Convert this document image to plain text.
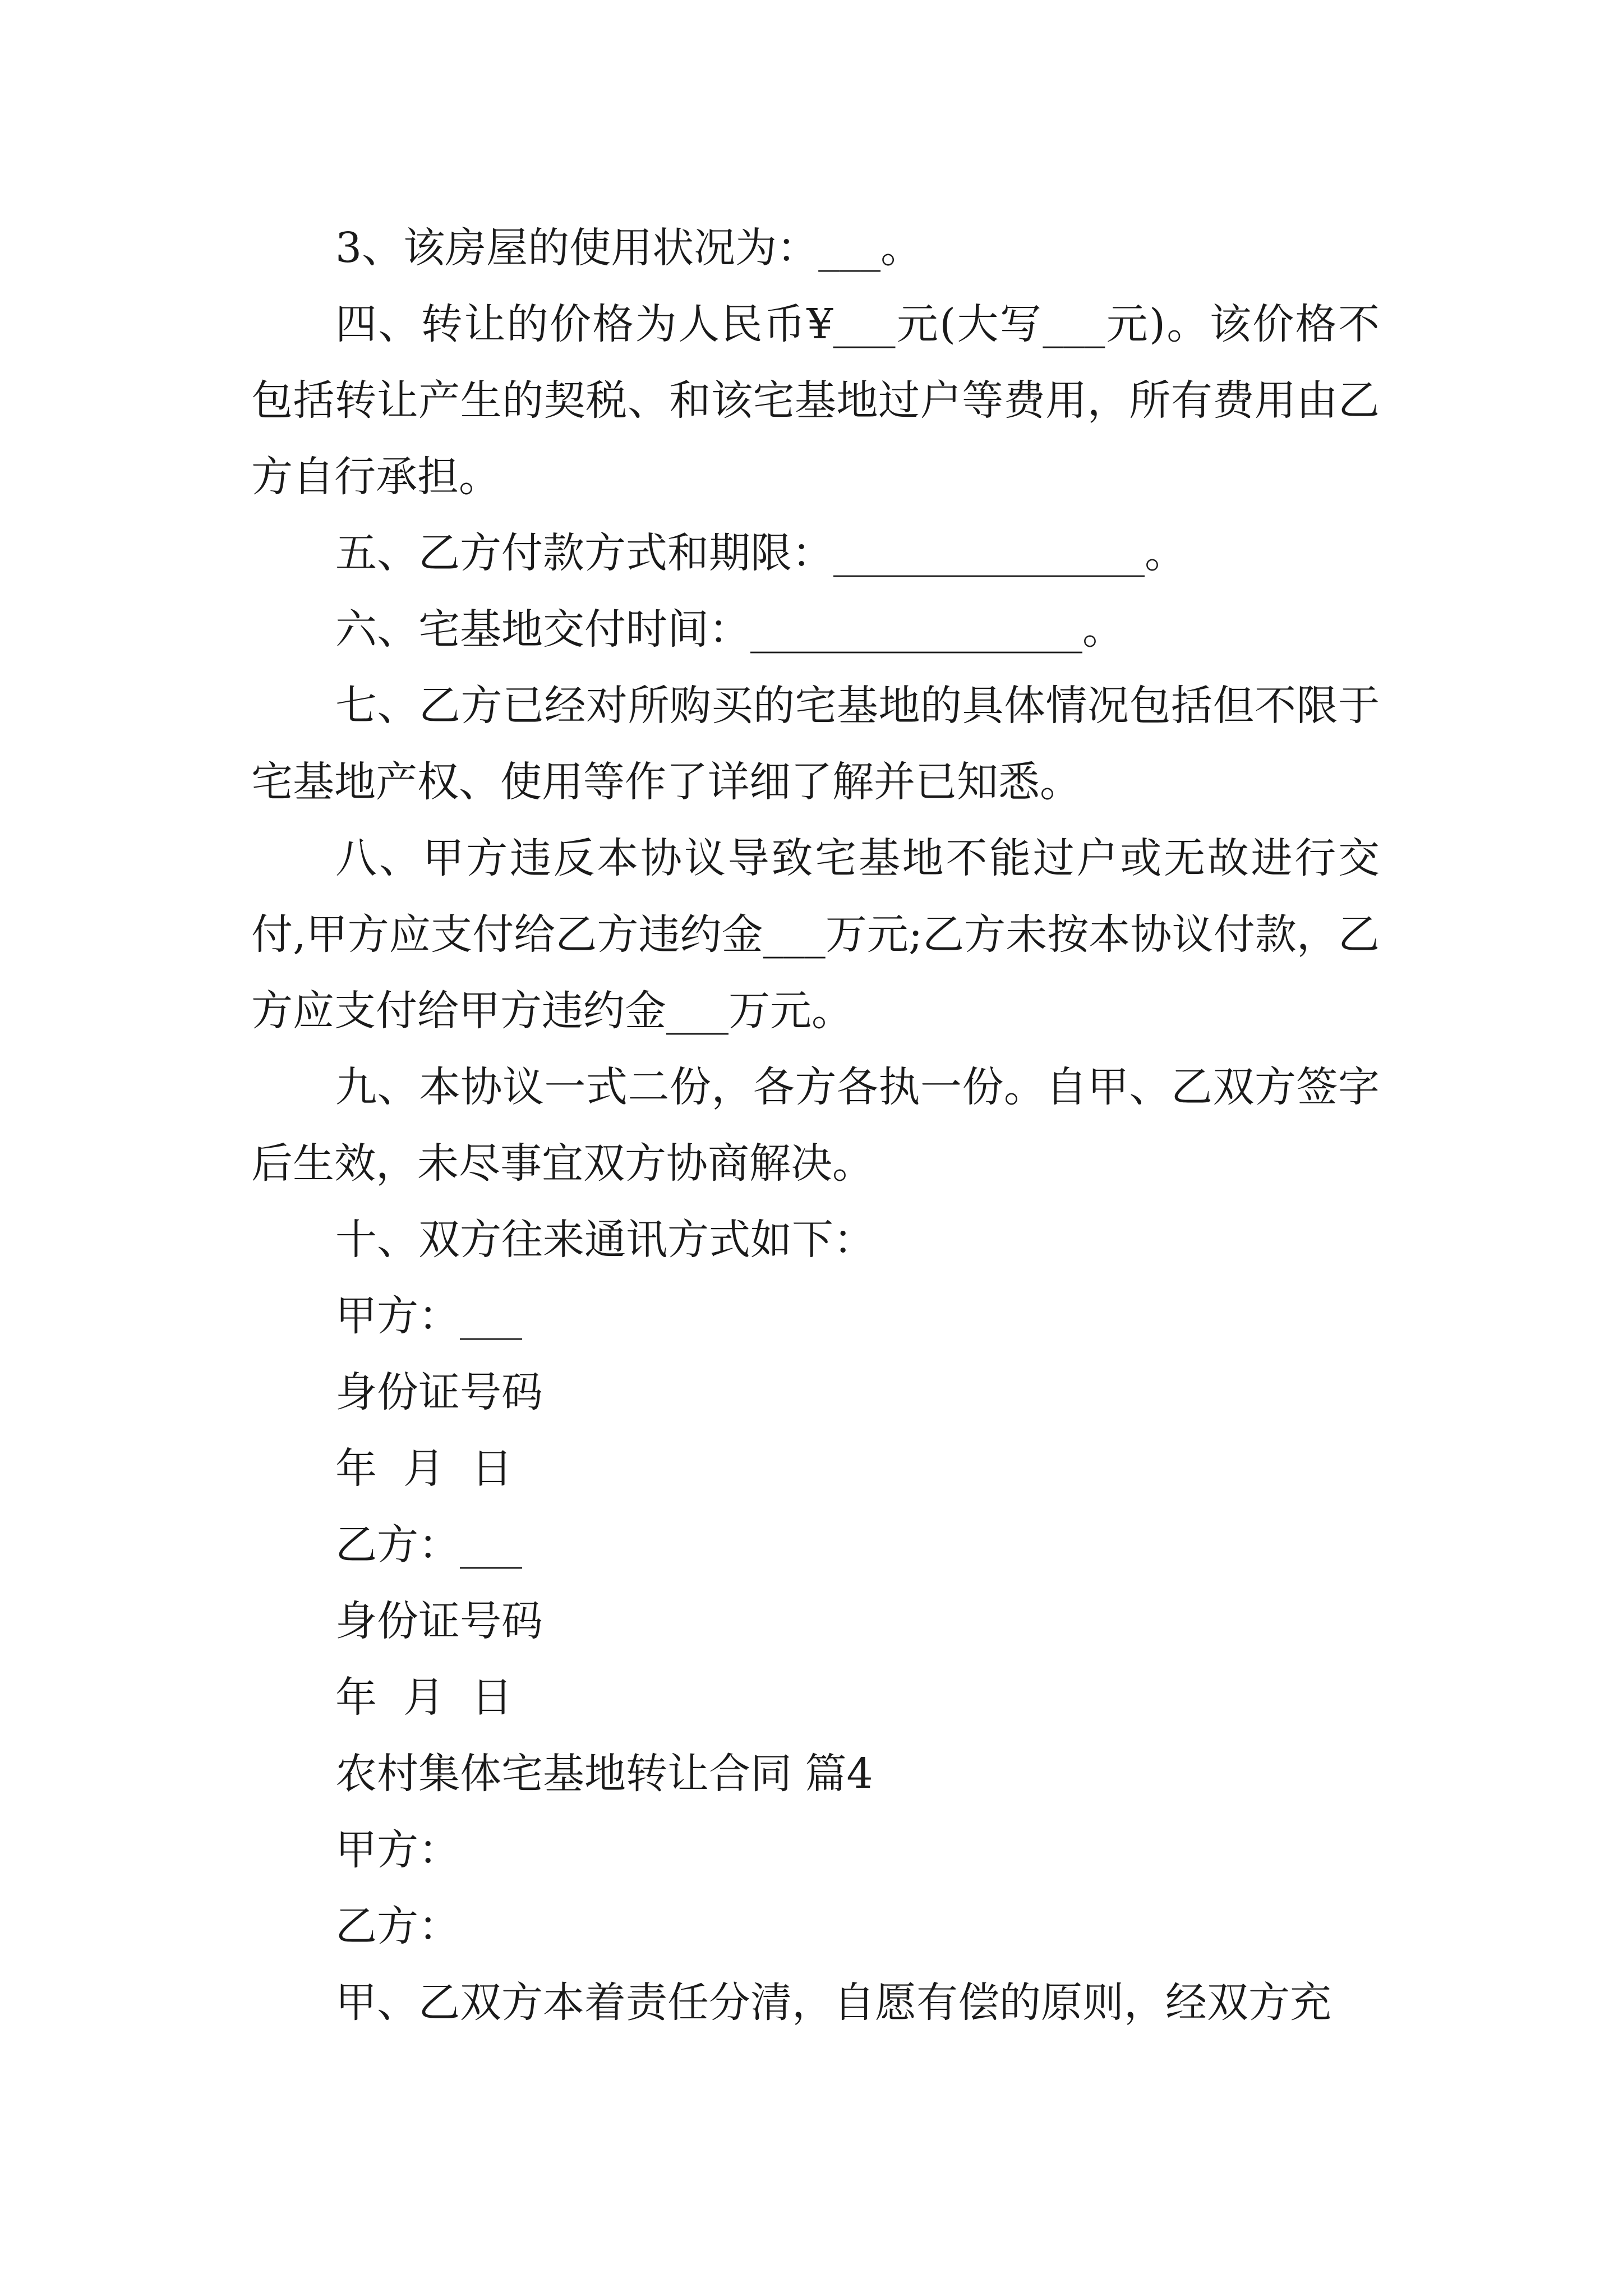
3、该房屋的使用状况为：___。

四、转让的价格为人民币¥___元(大写___元)。该价格不包括转让产生的契税、和该宅基地过户等费用，所有费用由乙方自行承担。

五、乙方付款方式和期限：_______________。

六、宅基地交付时间：________________。

七、乙方已经对所购买的宅基地的具体情况包括但不限于宅基地产权、使用等作了详细了解并已知悉。

八、甲方违反本协议导致宅基地不能过户或无故进行交付,甲方应支付给乙方违约金___万元;乙方未按本协议付款，乙方应支付给甲方违约金___万元。

九、本协议一式二份，各方各执一份。自甲、乙双方签字后生效，未尽事宜双方协商解决。

十、双方往来通讯方式如下：

甲方：___

身份证号码

年  月  日

乙方：___

身份证号码

年  月  日

农村集体宅基地转让合同 篇4

甲方：

乙方：

甲、乙双方本着责任分清，自愿有偿的原则，经双方充
